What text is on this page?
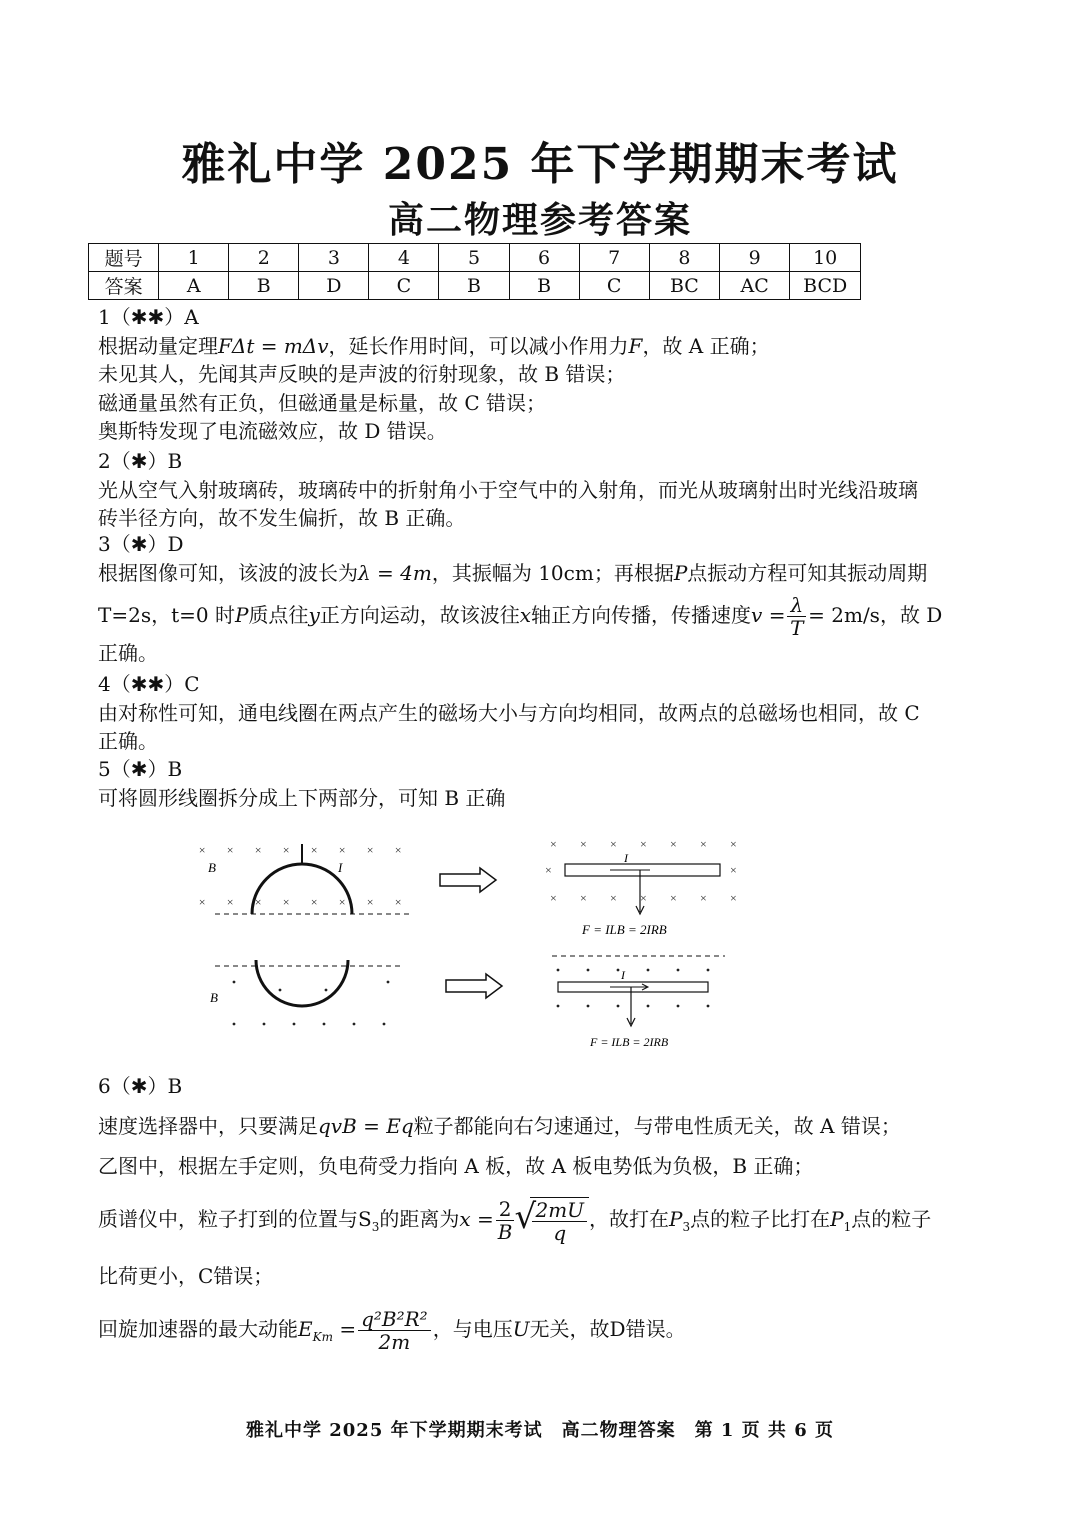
雅礼中学 2025 年下学期期末考试
高二物理参考答案
题号	1	2	3	4	5	6	7	8	9	10
答案	A	B	D	C	B	B	C	BC	AC	BCD
1（✱✱）A
根据动量定理FΔt = mΔv，延长作用时间，可以减小作用力F，故 A 正确；
未见其人，先闻其声反映的是声波的衍射现象，故 B 错误；
磁通量虽然有正负，但磁通量是标量，故 C 错误；
奥斯特发现了电流磁效应，故 D 错误。
2（✱）B
光从空气入射玻璃砖，玻璃砖中的折射角小于空气中的入射角，而光从玻璃射出时光线沿玻璃
砖半径方向，故不发生偏折，故 B 正确。
3（✱）D
根据图像可知，该波的波长为λ = 4m，其振幅为 10cm；再根据P点振动方程可知其振动周期
T=2s，t=0 时P质点往y正方向运动，故该波往x轴正方向传播，传播速度$v = \frac{\lambda}{T} = 2m/s$，故 D
正确。
4（✱✱）C
由对称性可知，通电线圈在两点产生的磁场大小与方向均相同，故两点的总磁场也相同，故 C
正确。
5（✱）B
可将圆形线圈拆分成上下两部分，可知 B 正确
× × × × × × × ×
× × × × × × × ×
B	I
× × × × × × ×
×	×
× × × × × × ×
I
F = ILB = 2IRB
B
I
F = ILB = 2IRB
6（✱）B
速度选择器中，只要满足qvB = Eq粒子都能向右匀速通过，与带电性质无关，故 A 错误；
乙图中，根据左手定则，负电荷受力指向 A 板，故 A 板电势低为负极，B 正确；
质谱仪中，粒子打到的位置与$S_3$的距离为$x = \frac{2}{B}$ √ $\frac{2mU}{q}$ ，故打在$P_3$点的粒子比打在$P_1$点的粒子
比荷更小，C错误；
回旋加速器的最大动能$E_{Km} = \frac{\text{q²B²R²}}{2m}$ ，与电压U无关，故D错误。
雅礼中学 2025 年下学期期末考试　高二物理答案　第 1 页 共 6 页
